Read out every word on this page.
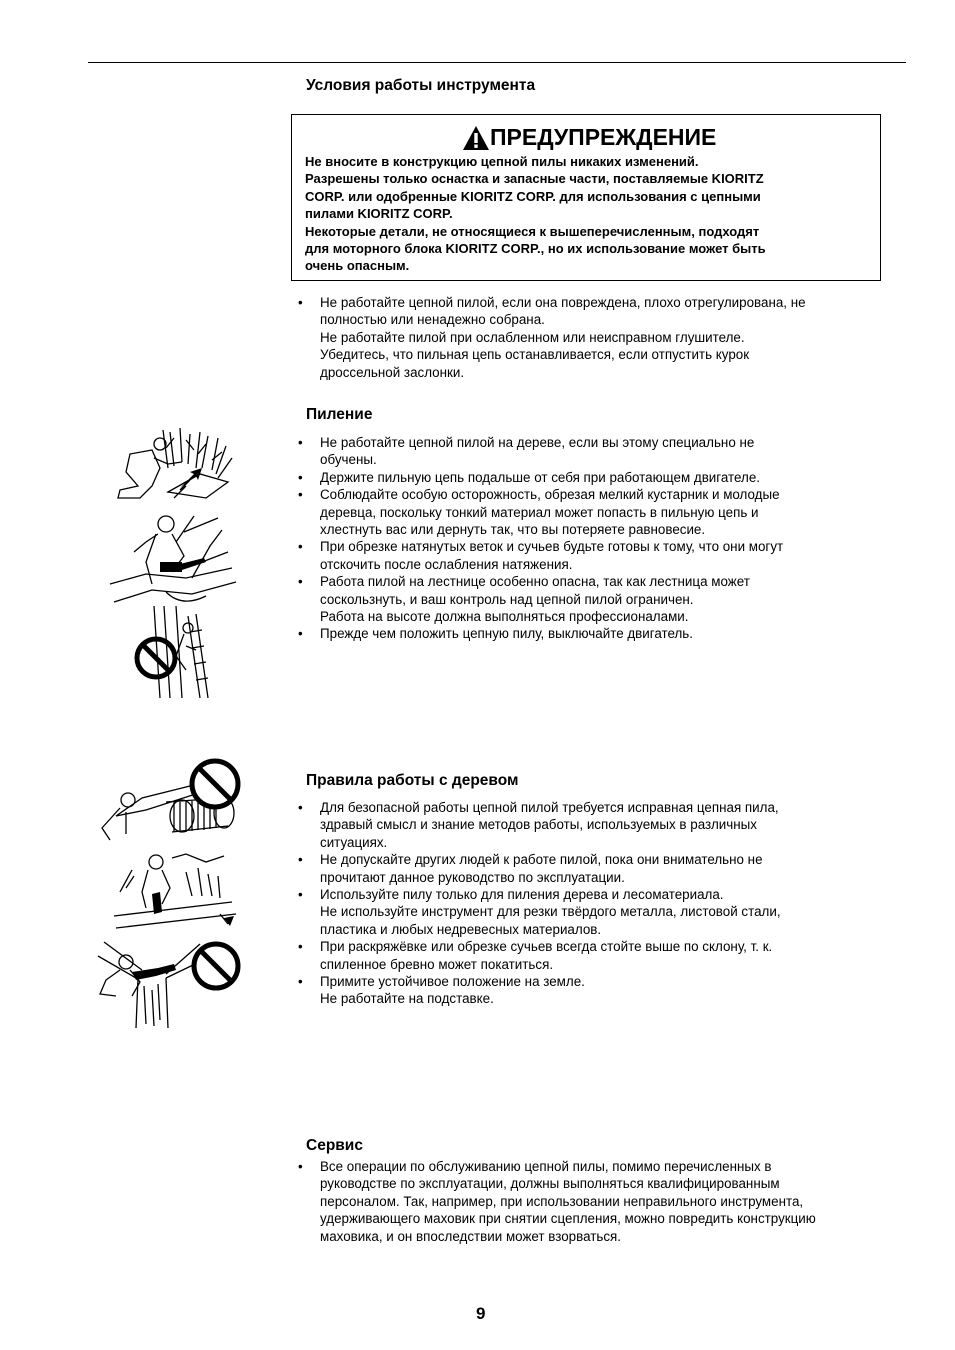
Условия работы инструмента
ПРЕДУПРЕЖДЕНИЕ

Не вносите в конструкцию цепной пилы никаких изменений.

Разрешены только оснастка и запасные части, поставляемые KIORITZ
CORP. или одобренные KIORITZ CORP. для использования с цепными
пилами KIORITZ CORP.

Некоторые детали, не относящиеся к вышеперечисленным, подходят
для моторного блока KIORITZ CORP., но их использование может быть
очень опасным.

• Не работайте цепной пилой, если она повреждена, плохо отрегулирована, не
полностью или ненадежно собрана.
Не работайте пилой при ослабленном или неисправном глушителе.
Убедитесь, что пильная цепь останавливается, если отпустить курок
дроссельной заслонки.
Пиление
• Не работайте цепной пилой на дереве, если вы этому специально не
обучены.
• Держите пильную цепь подальше от себя при работающем двигателе.
• Соблюдайте особую осторожность, обрезая мелкий кустарник и молодые
деревца, поскольку тонкий материал может попасть в пильную цепь и
хлестнуть вас или дернуть так, что вы потеряете равновесие.
• При обрезке натянутых веток и сучьев будьте готовы к тому, что они могут
отскочить после ослабления натяжения.
• Работа пилой на лестнице особенно опасна, так как лестница может
соскользнуть, и ваш контроль над цепной пилой ограничен.
Работа на высоте должна выполняться профессионалами.
• Прежде чем положить цепную пилу, выключайте двигатель.
Правила работы с деревом
• Для безопасной работы цепной пилой требуется исправная цепная пила,
здравый смысл и знание методов работы, используемых в различных
ситуациях.
• Не допускайте других людей к работе пилой, пока они внимательно не
прочитают данное руководство по эксплуатации.
• Используйте пилу только для пиления дерева и лесоматериала.
Не используйте инструмент для резки твёрдого металла, листовой стали,
пластика и любых недревесных материалов.
• При раскряжёвке или обрезке сучьев всегда стойте выше по склону, т. к.
спиленное бревно может покатиться.
• Примите устойчивое положение на земле.
Не работайте на подставке.
Сервис
• Все операции по обслуживанию цепной пилы, помимо перечисленных в
руководстве по эксплуатации, должны выполняться квалифицированным
персоналом. Так, например, при использовании неправильного инструмента,
удерживающего маховик при снятии сцепления, можно повредить конструкцию
маховика, и он впоследствии может взорваться.
9
